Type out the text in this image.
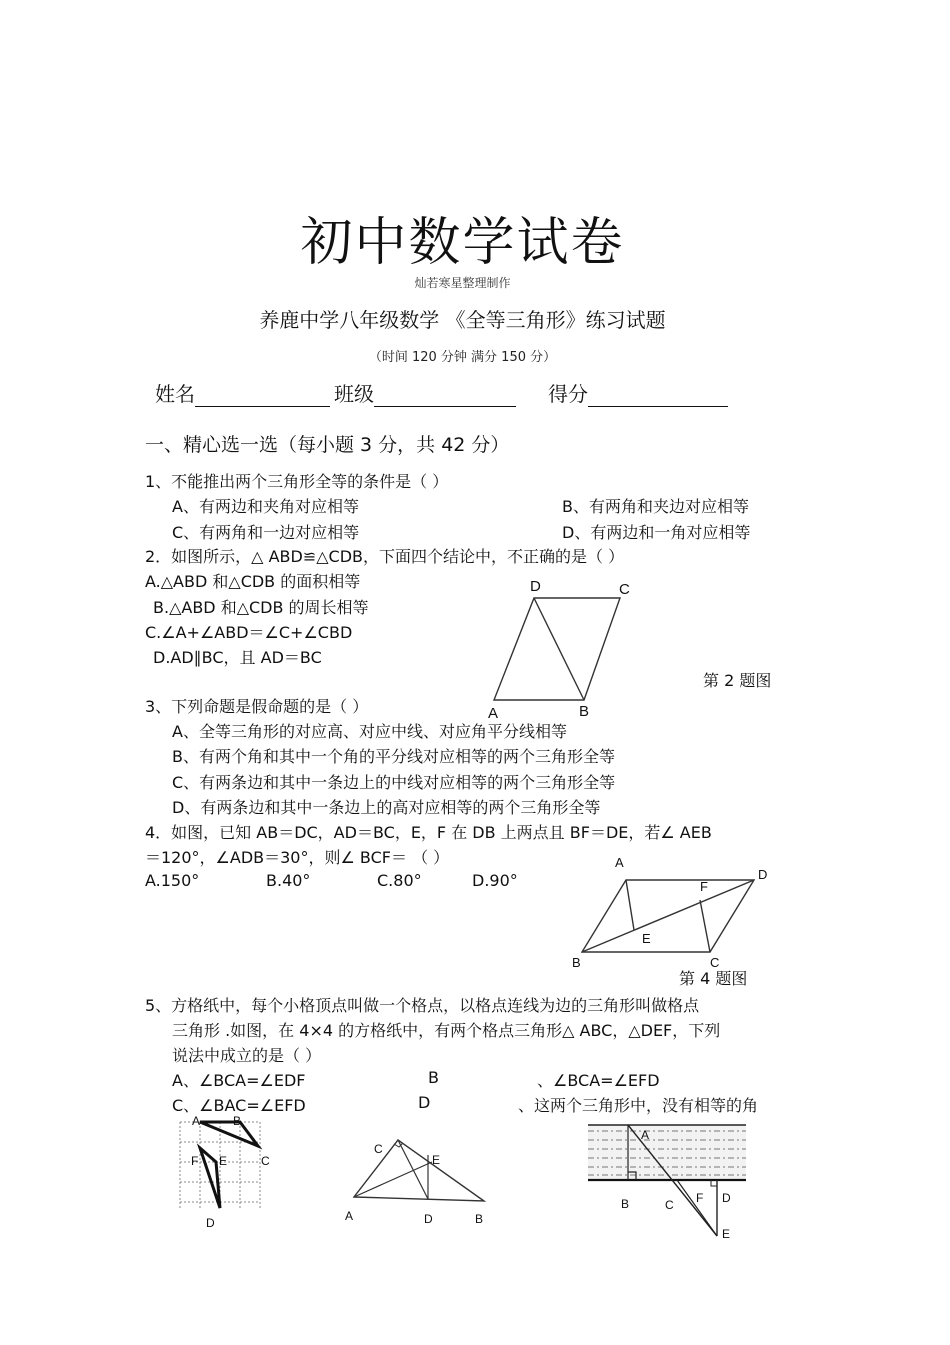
初中数学试卷
灿若寒星整理制作
养鹿中学八年级数学 《全等三角形》练习试题
（时间 120 分钟 满分 150 分）
姓名	班级	得分
一、精心选一选（每小题 3 分，共 42 分）
1、不能推出两个三角形全等的条件是（ ）
A、有两边和夹角对应相等	B、有两角和夹边对应相等
C、有两角和一边对应相等	D、有两边和一角对应相等
2．如图所示，△ ABD≌△CDB，下面四个结论中，不正确的是（ ）
A.△ABD 和△CDB 的面积相等
B.△ABD 和△CDB 的周长相等
C.∠A+∠ABD＝∠C+∠CBD
D.AD∥BC，且 AD＝BC
第 2 题图
D	C
A	B
3、下列命题是假命题的是（ ）
A、全等三角形的对应高、对应中线、对应角平分线相等
B、有两个角和其中一个角的平分线对应相等的两个三角形全等
C、有两条边和其中一条边上的中线对应相等的两个三角形全等
D、有两条边和其中一条边上的高对应相等的两个三角形全等
4．如图，已知 AB＝DC，AD＝BC，E，F 在 DB 上两点且 BF＝DE，若∠ AEB
＝120°，∠ADB＝30°，则∠ BCF＝ （ ）
A.150°	B.40°	C.80°	D.90°
第 4 题图
A
D
F
E
B	C
5、方格纸中，每个小格顶点叫做一个格点，以格点连线为边的三角形叫做格点
三角形 .如图，在 4×4 的方格纸中，有两个格点三角形△ ABC，△DEF，下列
说法中成立的是（ ）
A、∠BCA=∠EDF	B	、∠BCA=∠EFD
C、∠BAC=∠EFD	D	、这两个三角形中，没有相等的角
A	B
C
F E
D
C
E
A	D	B
A
B	C F D
E
